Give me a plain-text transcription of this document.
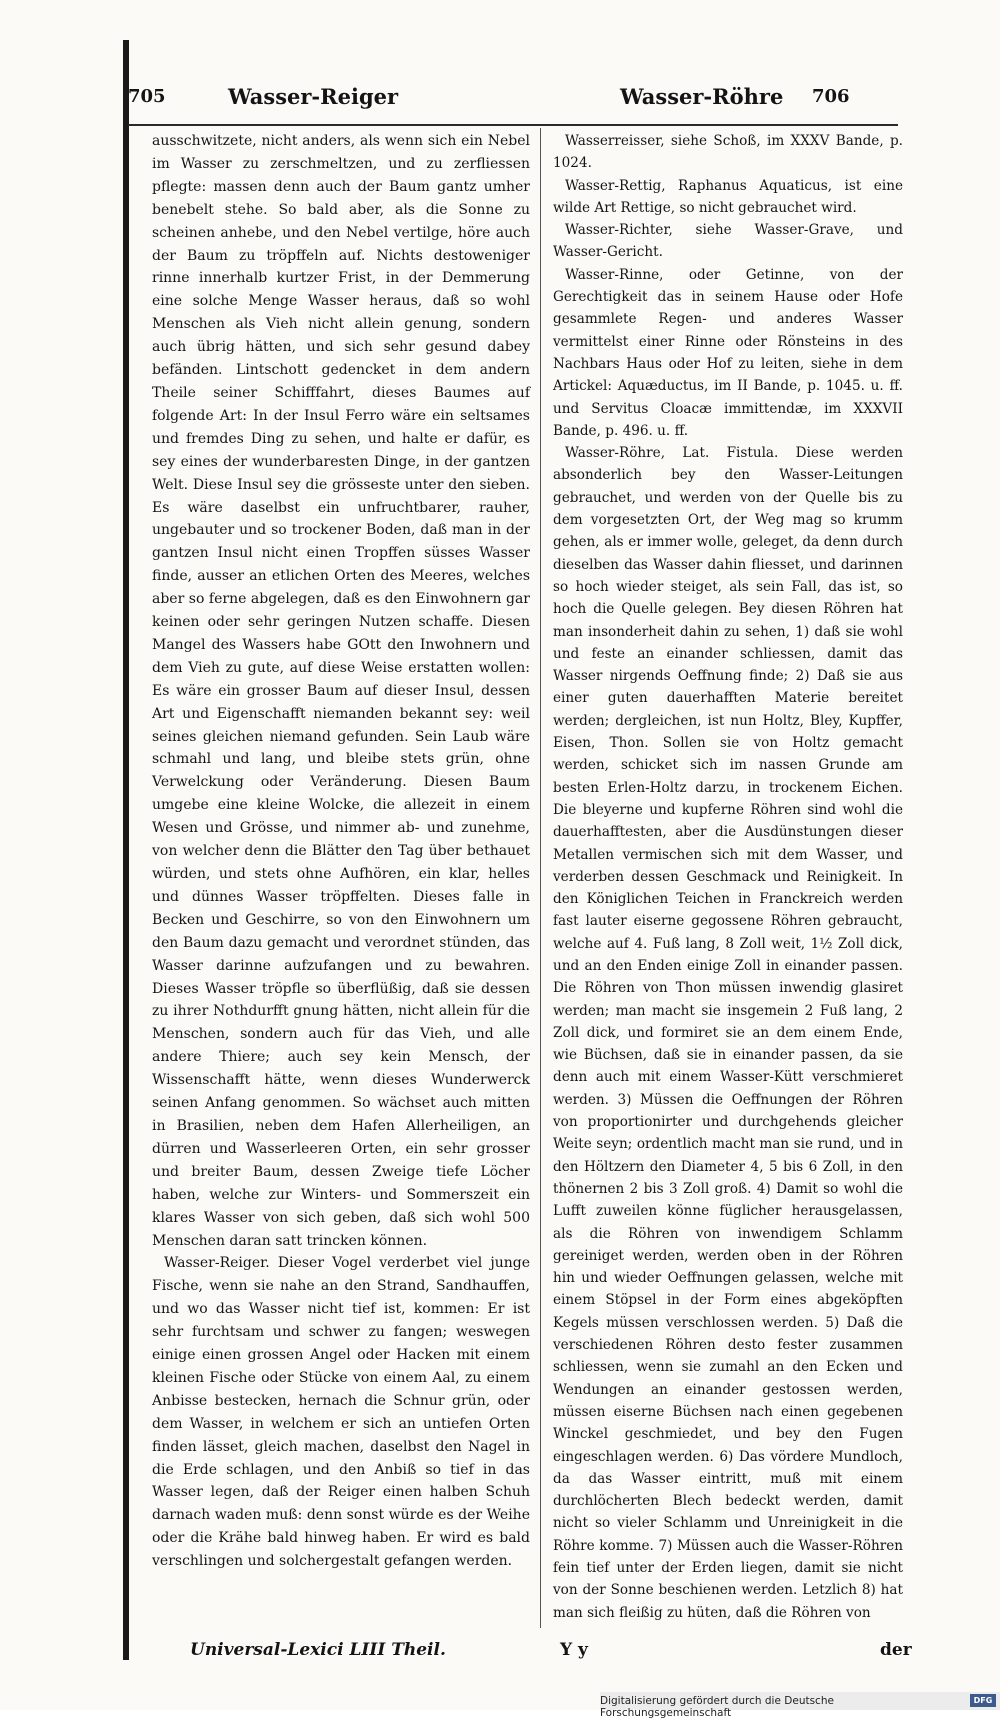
705	Wasser-Reiger	Wasser-Röhre 706

ausschwitzete, nicht anders, als wenn sich ein Nebel im Wasser zu zerschmeltzen, und zu zerfliessen pflegte: massen denn auch der Baum gantz umher benebelt stehe. So bald aber, als die Sonne zu scheinen anhebe, und den Nebel vertilge, höre auch der Baum zu tröpffeln auf. Nichts destoweniger rinne innerhalb kurtzer Frist, in der Demmerung eine solche Menge Wasser heraus, daß so wohl Menschen als Vieh nicht allein genung, sondern auch übrig hätten, und sich sehr gesund dabey befänden. Lintschott gedencket in dem andern Theile seiner Schifffahrt, dieses Baumes auf folgende Art: In der Insul Ferro wäre ein seltsames und fremdes Ding zu sehen, und halte er dafür, es sey eines der wunderbaresten Dinge, in der gantzen Welt. Diese Insul sey die grösseste unter den sieben. Es wäre daselbst ein unfruchtbarer, rauher, ungebauter und so trockener Boden, daß man in der gantzen Insul nicht einen Tropffen süsses Wasser finde, ausser an etlichen Orten des Meeres, welches aber so ferne abgelegen, daß es den Einwohnern gar keinen oder sehr geringen Nutzen schaffe. Diesen Mangel des Wassers habe GOtt den Inwohnern und dem Vieh zu gute, auf diese Weise erstatten wollen: Es wäre ein grosser Baum auf dieser Insul, dessen Art und Eigenschafft niemanden bekannt sey: weil seines gleichen niemand gefunden. Sein Laub wäre schmahl und lang, und bleibe stets grün, ohne Verwelckung oder Veränderung. Diesen Baum umgebe eine kleine Wolcke, die allezeit in einem Wesen und Grösse, und nimmer ab- und zunehme, von welcher denn die Blätter den Tag über bethauet würden, und stets ohne Aufhören, ein klar, helles und dünnes Wasser tröpffelten. Dieses falle in Becken und Geschirre, so von den Einwohnern um den Baum dazu gemacht und verordnet stünden, das Wasser darinne aufzufangen und zu bewahren. Dieses Wasser tröpfle so überflüßig, daß sie dessen zu ihrer Nothdurfft gnung hätten, nicht allein für die Menschen, sondern auch für das Vieh, und alle andere Thiere; auch sey kein Mensch, der Wissenschafft hätte, wenn dieses Wunderwerck seinen Anfang genommen. So wächset auch mitten in Brasilien, neben dem Hafen Allerheiligen, an dürren und Wasserleeren Orten, ein sehr grosser und breiter Baum, dessen Zweige tiefe Löcher haben, welche zur Winters- und Sommerszeit ein klares Wasser von sich geben, daß sich wohl 500 Menschen daran satt trincken können.

Wasser-Reiger. Dieser Vogel verderbet viel junge Fische, wenn sie nahe an den Strand, Sandhauffen, und wo das Wasser nicht tief ist, kommen: Er ist sehr furchtsam und schwer zu fangen; weswegen einige einen grossen Angel oder Hacken mit einem kleinen Fische oder Stücke von einem Aal, zu einem Anbisse bestecken, hernach die Schnur grün, oder dem Wasser, in welchem er sich an untiefen Orten finden lässet, gleich machen, daselbst den Nagel in die Erde schlagen, und den Anbiß so tief in das Wasser legen, daß der Reiger einen halben Schuh darnach waden muß: denn sonst würde es der Weihe oder die Krähe bald hinweg haben. Er wird es bald verschlingen und solchergestalt gefangen werden.

Wasserreisser, siehe Schoß, im XXXV Bande, p. 1024.

Wasser-Rettig, Raphanus Aquaticus, ist eine wilde Art Rettige, so nicht gebrauchet wird.

Wasser-Richter, siehe Wasser-Grave, und Wasser-Gericht.

Wasser-Rinne, oder Getinne, von der Gerechtigkeit das in seinem Hause oder Hofe gesammlete Regen- und anderes Wasser vermittelst einer Rinne oder Rönsteins in des Nachbars Haus oder Hof zu leiten, siehe in dem Artickel: Aquæductus, im II Bande, p. 1045. u. ff. und Servitus Cloacæ immittendæ, im XXXVII Bande, p. 496. u. ff.

Wasser-Röhre, Lat. Fistula. Diese werden absonderlich bey den Wasser-Leitungen gebrauchet, und werden von der Quelle bis zu dem vorgesetzten Ort, der Weg mag so krumm gehen, als er immer wolle, geleget, da denn durch dieselben das Wasser dahin fliesset, und darinnen so hoch wieder steiget, als sein Fall, das ist, so hoch die Quelle gelegen. Bey diesen Röhren hat man insonderheit dahin zu sehen, 1) daß sie wohl und feste an einander schliessen, damit das Wasser nirgends Oeffnung finde; 2) Daß sie aus einer guten dauerhafften Materie bereitet werden; dergleichen, ist nun Holtz, Bley, Kupffer, Eisen, Thon. Sollen sie von Holtz gemacht werden, schicket sich im nassen Grunde am besten Erlen-Holtz darzu, in trockenem Eichen. Die bleyerne und kupferne Röhren sind wohl die dauerhafftesten, aber die Ausdünstungen dieser Metallen vermischen sich mit dem Wasser, und verderben dessen Geschmack und Reinigkeit. In den Königlichen Teichen in Franckreich werden fast lauter eiserne gegossene Röhren gebraucht, welche auf 4. Fuß lang, 8 Zoll weit, 1½ Zoll dick, und an den Enden einige Zoll in einander passen. Die Röhren von Thon müssen inwendig glasiret werden; man macht sie insgemein 2 Fuß lang, 2 Zoll dick, und formiret sie an dem einem Ende, wie Büchsen, daß sie in einander passen, da sie denn auch mit einem Wasser-Kütt verschmieret werden. 3) Müssen die Oeffnungen der Röhren von proportionirter und durchgehends gleicher Weite seyn; ordentlich macht man sie rund, und in den Höltzern den Diameter 4, 5 bis 6 Zoll, in den thönernen 2 bis 3 Zoll groß. 4) Damit so wohl die Lufft zuweilen könne füglicher herausgelassen, als die Röhren von inwendigem Schlamm gereiniget werden, werden oben in der Röhren hin und wieder Oeffnungen gelassen, welche mit einem Stöpsel in der Form eines abgeköpften Kegels müssen verschlossen werden. 5) Daß die verschiedenen Röhren desto fester zusammen schliessen, wenn sie zumahl an den Ecken und Wendungen an einander gestossen werden, müssen eiserne Büchsen nach einen gegebenen Winckel geschmiedet, und bey den Fugen eingeschlagen werden. 6) Das vördere Mundloch, da das Wasser eintritt, muß mit einem durchlöcherten Blech bedeckt werden, damit nicht so vieler Schlamm und Unreinigkeit in die Röhre komme. 7) Müssen auch die Wasser-Röhren fein tief unter der Erden liegen, damit sie nicht von der Sonne beschienen werden. Letzlich 8) hat man sich fleißig zu hüten, daß die Röhren von

Universal-Lexici LIII Theil.	Y y	der
Digitalisierung gefördert durch die Deutsche Forschungsgemeinschaft
DFG
